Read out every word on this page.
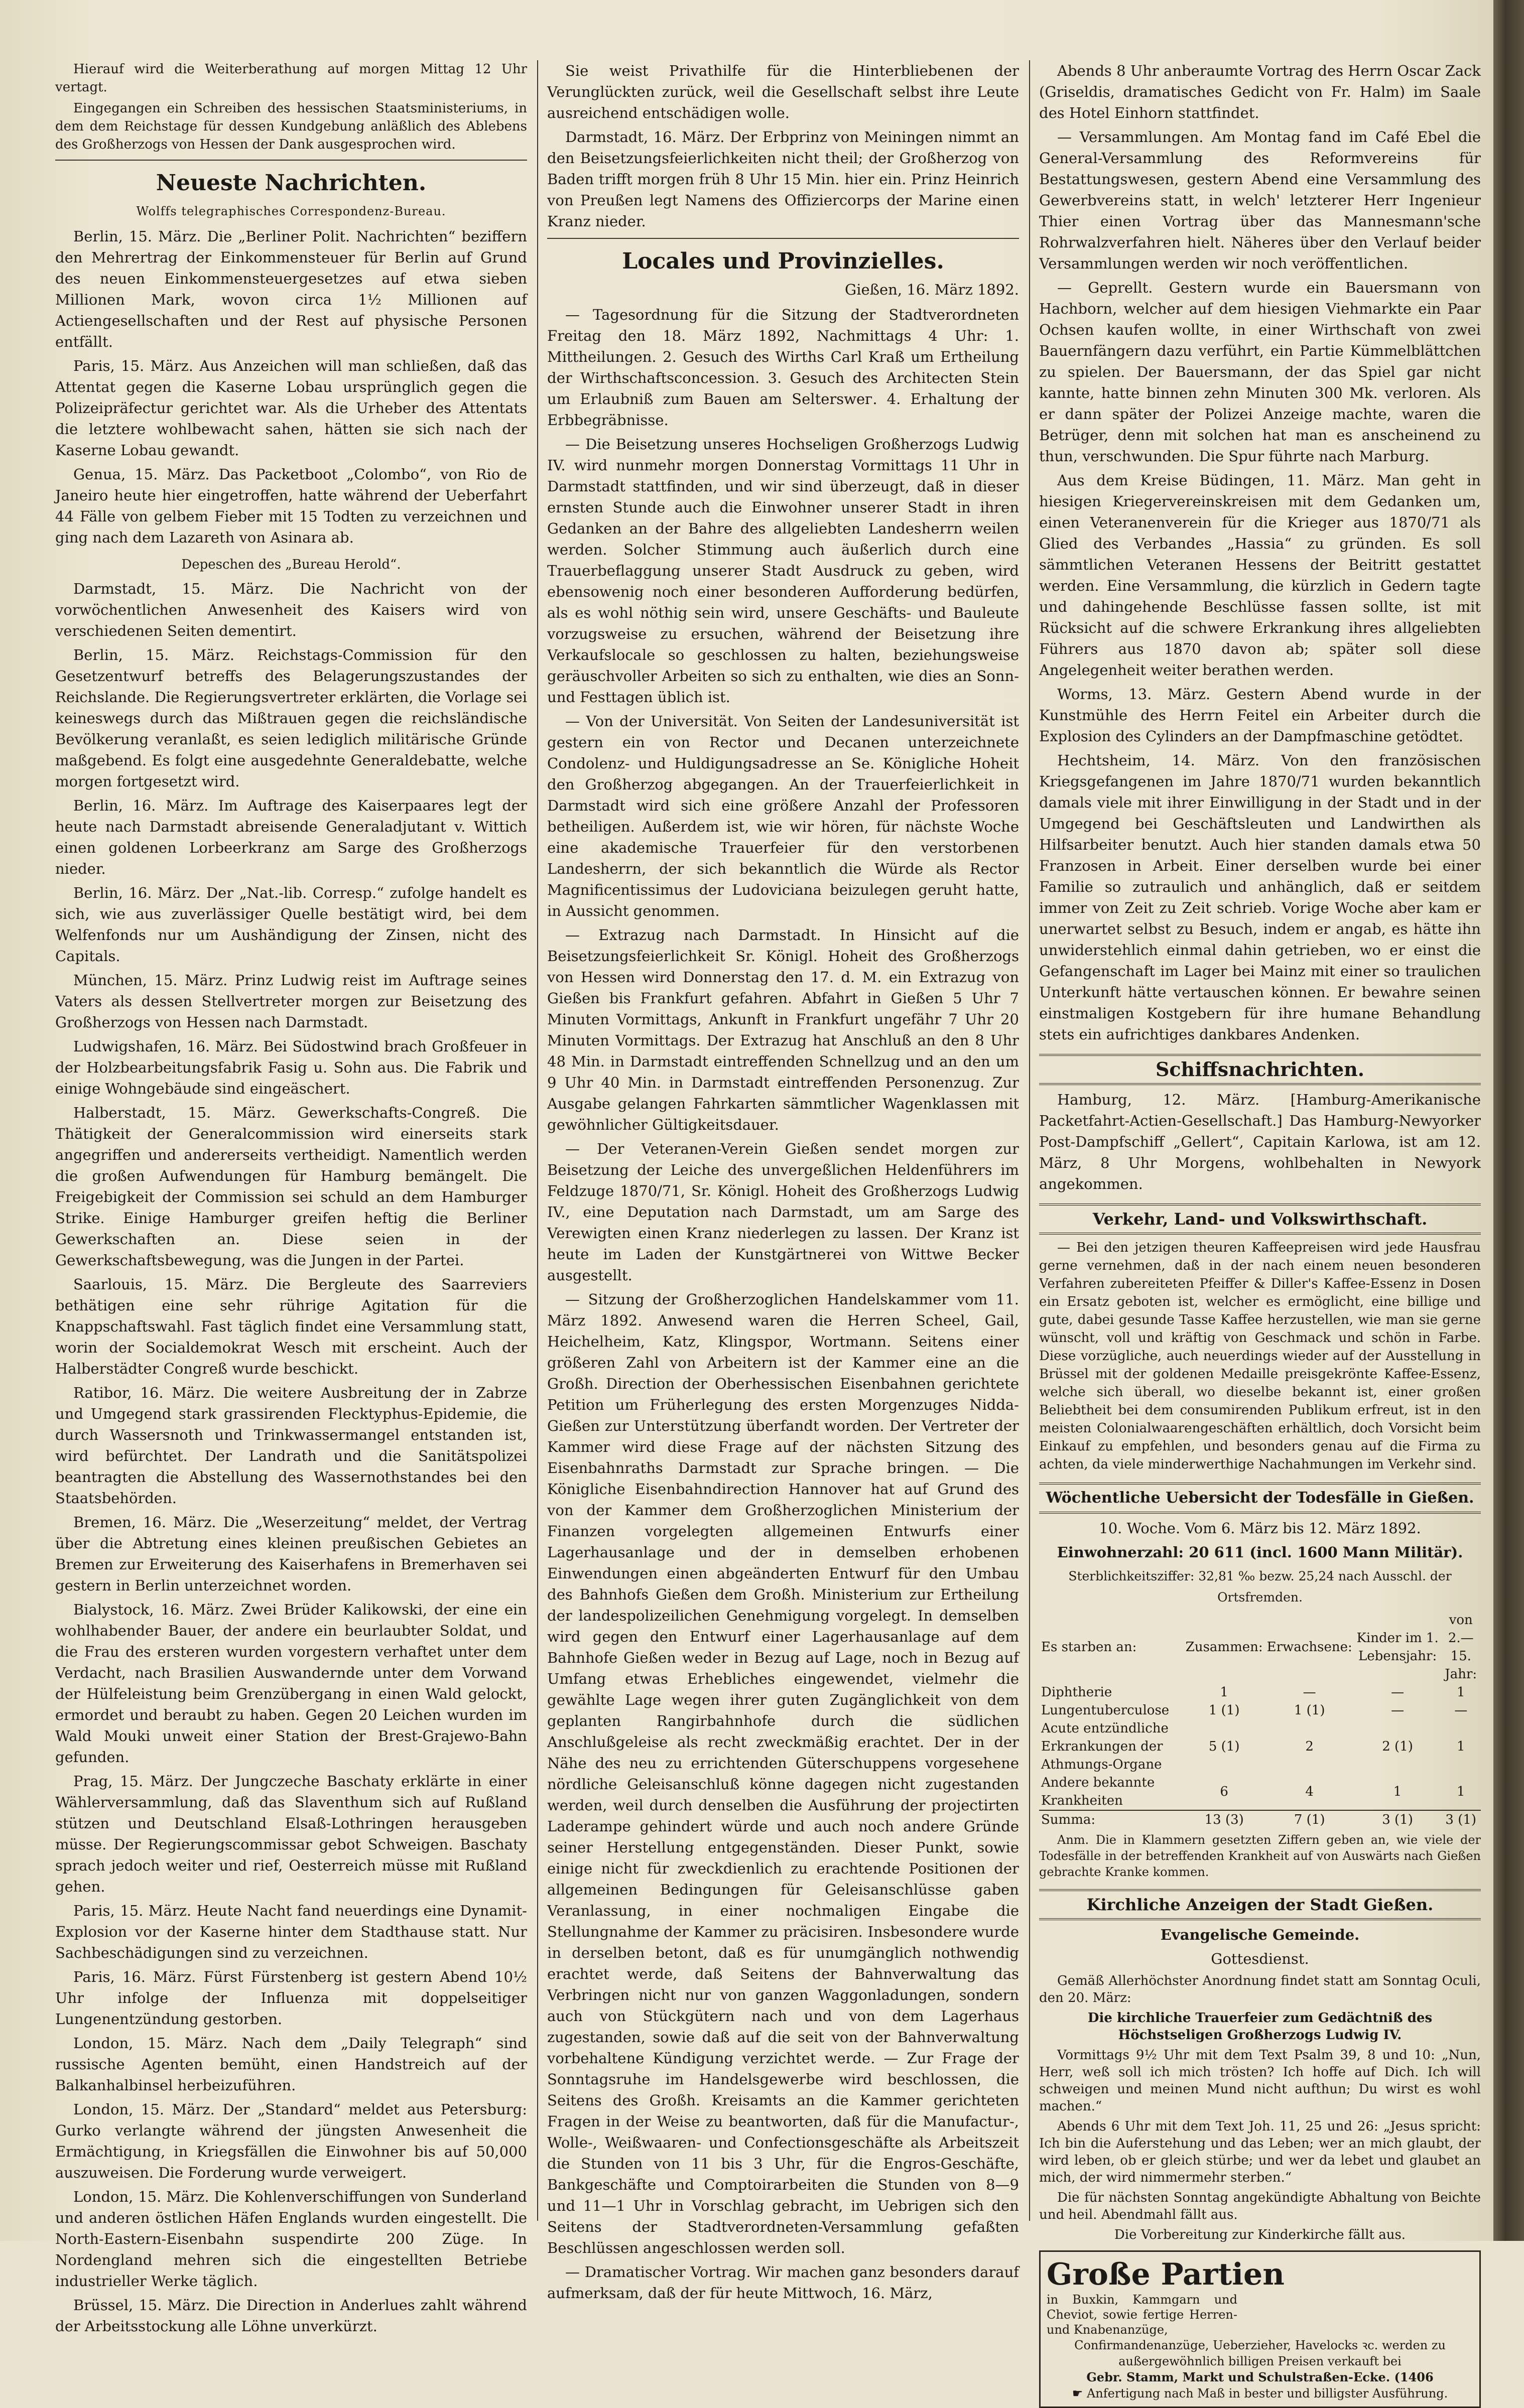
Hierauf wird die Weiterberathung auf morgen Mittag 12 Uhr vertagt.

Eingegangen ein Schreiben des hessischen Staatsministeriums, in dem dem Reichstage für dessen Kundgebung anläßlich des Ablebens des Großherzogs von Hessen der Dank ausgesprochen wird.

Neueste Nachrichten.
Wolffs telegraphisches Correspondenz-Bureau.

Berlin, 15. März. Die „Berliner Polit. Nachrichten“ beziffern den Mehrertrag der Einkommensteuer für Berlin auf Grund des neuen Einkommensteuergesetzes auf etwa sieben Millionen Mark, wovon circa 1½ Millionen auf Actiengesellschaften und der Rest auf physische Personen entfällt.

Paris, 15. März. Aus Anzeichen will man schließen, daß das Attentat gegen die Kaserne Lobau ursprünglich gegen die Polizeipräfectur gerichtet war. Als die Urheber des Attentats die letztere wohlbewacht sahen, hätten sie sich nach der Kaserne Lobau gewandt.

Genua, 15. März. Das Packetboot „Colombo“, von Rio de Janeiro heute hier eingetroffen, hatte während der Ueberfahrt 44 Fälle von gelbem Fieber mit 15 Todten zu verzeichnen und ging nach dem Lazareth von Asinara ab.

Depeschen des „Bureau Herold“.

Darmstadt, 15. März. Die Nachricht von der vorwöchentlichen Anwesenheit des Kaisers wird von verschiedenen Seiten dementirt.

Berlin, 15. März. Reichstags-Commission für den Gesetzentwurf betreffs des Belagerungszustandes der Reichslande. Die Regierungsvertreter erklärten, die Vorlage sei keineswegs durch das Mißtrauen gegen die reichsländische Bevölkerung veranlaßt, es seien lediglich militärische Gründe maßgebend. Es folgt eine ausgedehnte Generaldebatte, welche morgen fortgesetzt wird.

Berlin, 16. März. Im Auftrage des Kaiserpaares legt der heute nach Darmstadt abreisende Generaladjutant v. Wittich einen goldenen Lorbeerkranz am Sarge des Großherzogs nieder.

Berlin, 16. März. Der „Nat.-lib. Corresp.“ zufolge handelt es sich, wie aus zuverlässiger Quelle bestätigt wird, bei dem Welfenfonds nur um Aushändigung der Zinsen, nicht des Capitals.

München, 15. März. Prinz Ludwig reist im Auftrage seines Vaters als dessen Stellvertreter morgen zur Beisetzung des Großherzogs von Hessen nach Darmstadt.

Ludwigshafen, 16. März. Bei Südostwind brach Großfeuer in der Holzbearbeitungsfabrik Fasig u. Sohn aus. Die Fabrik und einige Wohngebäude sind eingeäschert.

Halberstadt, 15. März. Gewerkschafts-Congreß. Die Thätigkeit der Generalcommission wird einerseits stark angegriffen und andererseits vertheidigt. Namentlich werden die großen Aufwendungen für Hamburg bemängelt. Die Freigebigkeit der Commission sei schuld an dem Hamburger Strike. Einige Hamburger greifen heftig die Berliner Gewerkschaften an. Diese seien in der Gewerkschaftsbewegung, was die Jungen in der Partei.

Saarlouis, 15. März. Die Bergleute des Saarreviers bethätigen eine sehr rührige Agitation für die Knappschaftswahl. Fast täglich findet eine Versammlung statt, worin der Socialdemokrat Wesch mit erscheint. Auch der Halberstädter Congreß wurde beschickt.

Ratibor, 16. März. Die weitere Ausbreitung der in Zabrze und Umgegend stark grassirenden Flecktyphus-Epidemie, die durch Wassersnoth und Trinkwassermangel entstanden ist, wird befürchtet. Der Landrath und die Sanitätspolizei beantragten die Abstellung des Wassernothstandes bei den Staatsbehörden.

Bremen, 16. März. Die „Weserzeitung“ meldet, der Vertrag über die Abtretung eines kleinen preußischen Gebietes an Bremen zur Erweiterung des Kaiserhafens in Bremerhaven sei gestern in Berlin unterzeichnet worden.

Bialystock, 16. März. Zwei Brüder Kalikowski, der eine ein wohlhabender Bauer, der andere ein beurlaubter Soldat, und die Frau des ersteren wurden vorgestern verhaftet unter dem Verdacht, nach Brasilien Auswandernde unter dem Vorwand der Hülfeleistung beim Grenzübergang in einen Wald gelockt, ermordet und beraubt zu haben. Gegen 20 Leichen wurden im Wald Mouki unweit einer Station der Brest-Grajewo-Bahn gefunden.

Prag, 15. März. Der Jungczeche Baschaty erklärte in einer Wählerversammlung, daß das Slaventhum sich auf Rußland stützen und Deutschland Elsaß-Lothringen herausgeben müsse. Der Regierungscommissar gebot Schweigen. Baschaty sprach jedoch weiter und rief, Oesterreich müsse mit Rußland gehen.

Paris, 15. März. Heute Nacht fand neuerdings eine Dynamit-Explosion vor der Kaserne hinter dem Stadthause statt. Nur Sachbeschädigungen sind zu verzeichnen.

Paris, 16. März. Fürst Fürstenberg ist gestern Abend 10½ Uhr infolge der Influenza mit doppelseitiger Lungenentzündung gestorben.

London, 15. März. Nach dem „Daily Telegraph“ sind russische Agenten bemüht, einen Handstreich auf der Balkanhalbinsel herbeizuführen.

London, 15. März. Der „Standard“ meldet aus Petersburg: Gurko verlangte während der jüngsten Anwesenheit die Ermächtigung, in Kriegsfällen die Einwohner bis auf 50,000 auszuweisen. Die Forderung wurde verweigert.

London, 15. März. Die Kohlenverschiffungen von Sunderland und anderen östlichen Häfen Englands wurden eingestellt. Die North-Eastern-Eisenbahn suspendirte 200 Züge. In Nordengland mehren sich die eingestellten Betriebe industrieller Werke täglich.

Brüssel, 15. März. Die Direction in Anderlues zahlt während der Arbeitsstockung alle Löhne unverkürzt.

Sie weist Privathilfe für die Hinterbliebenen der Verunglückten zurück, weil die Gesellschaft selbst ihre Leute ausreichend entschädigen wolle.

Darmstadt, 16. März. Der Erbprinz von Meiningen nimmt an den Beisetzungsfeierlichkeiten nicht theil; der Großherzog von Baden trifft morgen früh 8 Uhr 15 Min. hier ein. Prinz Heinrich von Preußen legt Namens des Offiziercorps der Marine einen Kranz nieder.

Locales und Provinzielles.
Gießen, 16. März 1892.

— Tagesordnung für die Sitzung der Stadtverordneten Freitag den 18. März 1892, Nachmittags 4 Uhr: 1. Mittheilungen. 2. Gesuch des Wirths Carl Kraß um Ertheilung der Wirthschaftsconcession. 3. Gesuch des Architecten Stein um Erlaubniß zum Bauen am Selterswег. 4. Erhaltung der Erbbegräbnisse.

— Die Beisetzung unseres Hochseligen Großherzogs Ludwig IV. wird nunmehr morgen Donnerstag Vormittags 11 Uhr in Darmstadt stattfinden, und wir sind überzeugt, daß in dieser ernsten Stunde auch die Einwohner unserer Stadt in ihren Gedanken an der Bahre des allgeliebten Landesherrn weilen werden. Solcher Stimmung auch äußerlich durch eine Trauerbeflaggung unserer Stadt Ausdruck zu geben, wird ebensowenig noch einer besonderen Aufforderung bedürfen, als es wohl nöthig sein wird, unsere Geschäfts- und Bauleute vorzugsweise zu ersuchen, während der Beisetzung ihre Verkaufslocale so geschlossen zu halten, beziehungsweise geräuschvoller Arbeiten so sich zu enthalten, wie dies an Sonn- und Festtagen üblich ist.

— Von der Universität. Von Seiten der Landesuniversität ist gestern ein von Rector und Decanen unterzeichnete Condolenz- und Huldigungsadresse an Se. Königliche Hoheit den Großherzog abgegangen. An der Trauerfeierlichkeit in Darmstadt wird sich eine größere Anzahl der Professoren betheiligen. Außerdem ist, wie wir hören, für nächste Woche eine akademische Trauerfeier für den verstorbenen Landesherrn, der sich bekanntlich die Würde als Rector Magnificentissimus der Ludoviciana beizulegen geruht hatte, in Aussicht genommen.

— Extrazug nach Darmstadt. In Hinsicht auf die Beisetzungsfeierlichkeit Sr. Königl. Hoheit des Großherzogs von Hessen wird Donnerstag den 17. d. M. ein Extrazug von Gießen bis Frankfurt gefahren. Abfahrt in Gießen 5 Uhr 7 Minuten Vormittags, Ankunft in Frankfurt ungefähr 7 Uhr 20 Minuten Vormittags. Der Extrazug hat Anschluß an den 8 Uhr 48 Min. in Darmstadt eintreffenden Schnellzug und an den um 9 Uhr 40 Min. in Darmstadt eintreffenden Personenzug. Zur Ausgabe gelangen Fahrkarten sämmtlicher Wagenklassen mit gewöhnlicher Gültigkeitsdauer.

— Der Veteranen-Verein Gießen sendet morgen zur Beisetzung der Leiche des unvergeßlichen Heldenführers im Feldzuge 1870/71, Sr. Königl. Hoheit des Großherzogs Ludwig IV., eine Deputation nach Darmstadt, um am Sarge des Verewigten einen Kranz niederlegen zu lassen. Der Kranz ist heute im Laden der Kunstgärtnerei von Wittwe Becker ausgestellt.

— Sitzung der Großherzoglichen Handelskammer vom 11. März 1892. Anwesend waren die Herren Scheel, Gail, Heichelheim, Katz, Klingspor, Wortmann. Seitens einer größeren Zahl von Arbeitern ist der Kammer eine an die Großh. Direction der Oberhessischen Eisenbahnen gerichtete Petition um Früherlegung des ersten Morgenzuges Nidda-Gießen zur Unterstützung überfandt worden. Der Vertreter der Kammer wird diese Frage auf der nächsten Sitzung des Eisenbahnraths Darmstadt zur Sprache bringen. — Die Königliche Eisenbahndirection Hannover hat auf Grund des von der Kammer dem Großherzoglichen Ministerium der Finanzen vorgelegten allgemeinen Entwurfs einer Lagerhausanlage und der in demselben erhobenen Einwendungen einen abgeänderten Entwurf für den Umbau des Bahnhofs Gießen dem Großh. Ministerium zur Ertheilung der landespolizeilichen Genehmigung vorgelegt. In demselben wird gegen den Entwurf einer Lagerhausanlage auf dem Bahnhofe Gießen weder in Bezug auf Lage, noch in Bezug auf Umfang etwas Erhebliches eingewendet, vielmehr die gewählte Lage wegen ihrer guten Zugänglichkeit von dem geplanten Rangirbahnhofe durch die südlichen Anschlußgeleise als recht zweckmäßig erachtet. Der in der Nähe des neu zu errichtenden Güterschuppens vorgesehene nördliche Geleisanschluß könne dagegen nicht zugestanden werden, weil durch denselben die Ausführung der projectirten Laderampe gehindert würde und auch noch andere Gründe seiner Herstellung entgegenständen. Dieser Punkt, sowie einige nicht für zweckdienlich zu erachtende Positionen der allgemeinen Bedingungen für Geleisanschlüsse gaben Veranlassung, in einer nochmaligen Eingabe die Stellungnahme der Kammer zu präcisiren. Insbesondere wurde in derselben betont, daß es für unumgänglich nothwendig erachtet werde, daß Seitens der Bahnverwaltung das Verbringen nicht nur von ganzen Waggonladungen, sondern auch von Stückgütern nach und von dem Lagerhaus zugestanden, sowie daß auf die seit von der Bahnverwaltung vorbehaltene Kündigung verzichtet werde. — Zur Frage der Sonntagsruhe im Handelsgewerbe wird beschlossen, die Seitens des Großh. Kreisamts an die Kammer gerichteten Fragen in der Weise zu beantworten, daß für die Manufactur-, Wolle-, Weißwaaren- und Confectionsgeschäfte als Arbeitszeit die Stunden von 11 bis 3 Uhr, für die Engros-Geschäfte, Bankgeschäfte und Comptoirarbeiten die Stunden von 8—9 und 11—1 Uhr in Vorschlag gebracht, im Uebrigen sich den Seitens der Stadtverordneten-Versammlung gefaßten Beschlüssen angeschlossen werden soll.

— Dramatischer Vortrag. Wir machen ganz besonders darauf aufmerksam, daß der für heute Mittwoch, 16. März,

Abends 8 Uhr anberaumte Vortrag des Herrn Oscar Zack (Griseldis, dramatisches Gedicht von Fr. Halm) im Saale des Hotel Einhorn stattfindet.

— Versammlungen. Am Montag fand im Café Ebel die General-Versammlung des Reformvereins für Bestattungswesen, gestern Abend eine Versammlung des Gewerbvereins statt, in welch' letzterer Herr Ingenieur Thier einen Vortrag über das Mannesmann'sche Rohrwalzverfahren hielt. Näheres über den Verlauf beider Versammlungen werden wir noch veröffentlichen.

— Geprellt. Gestern wurde ein Bauersmann von Hachborn, welcher auf dem hiesigen Viehmarkte ein Paar Ochsen kaufen wollte, in einer Wirthschaft von zwei Bauernfängern dazu verführt, ein Partie Kümmelblättchen zu spielen. Der Bauersmann, der das Spiel gar nicht kannte, hatte binnen zehn Minuten 300 Mk. verloren. Als er dann später der Polizei Anzeige machte, waren die Betrüger, denn mit solchen hat man es anscheinend zu thun, verschwunden. Die Spur führte nach Marburg.

Aus dem Kreise Büdingen, 11. März. Man geht in hiesigen Kriegervereinskreisen mit dem Gedanken um, einen Veteranenverein für die Krieger aus 1870/71 als Glied des Verbandes „Hassia“ zu gründen. Es soll sämmtlichen Veteranen Hessens der Beitritt gestattet werden. Eine Versammlung, die kürzlich in Gedern tagte und dahingehende Beschlüsse fassen sollte, ist mit Rücksicht auf die schwere Erkrankung ihres allgeliebten Führers aus 1870 davon ab; später soll diese Angelegenheit weiter berathen werden.

Worms, 13. März. Gestern Abend wurde in der Kunstmühle des Herrn Feitel ein Arbeiter durch die Explosion des Cylinders an der Dampfmaschine getödtet.

Hechtsheim, 14. März. Von den französischen Kriegsgefangenen im Jahre 1870/71 wurden bekanntlich damals viele mit ihrer Einwilligung in der Stadt und in der Umgegend bei Geschäftsleuten und Landwirthen als Hilfsarbeiter benutzt. Auch hier standen damals etwa 50 Franzosen in Arbeit. Einer derselben wurde bei einer Familie so zutraulich und anhänglich, daß er seitdem immer von Zeit zu Zeit schrieb. Vorige Woche aber kam er unerwartet selbst zu Besuch, indem er angab, es hätte ihn unwiderstehlich einmal dahin getrieben, wo er einst die Gefangenschaft im Lager bei Mainz mit einer so traulichen Unterkunft hätte vertauschen können. Er bewahre seinen einstmaligen Kostgebern für ihre humane Behandlung stets ein aufrichtiges dankbares Andenken.

Schiffsnachrichten.

Hamburg, 12. März. [Hamburg-Amerikanische Packetfahrt-Actien-Gesellschaft.] Das Hamburg-Newyorker Post-Dampfschiff „Gellert“, Capitain Karlowa, ist am 12. März, 8 Uhr Morgens, wohlbehalten in Newyork angekommen.

Verkehr, Land- und Volkswirthschaft.

— Bei den jetzigen theuren Kaffeepreisen wird jede Hausfrau gerne vernehmen, daß in der nach einem neuen besonderen Verfahren zubereiteten Pfeiffer & Diller's Kaffee-Essenz in Dosen ein Ersatz geboten ist, welcher es ermöglicht, eine billige und gute, dabei gesunde Tasse Kaffee herzustellen, wie man sie gerne wünscht, voll und kräftig von Geschmack und schön in Farbe. Diese vorzügliche, auch neuerdings wieder auf der Ausstellung in Brüssel mit der goldenen Medaille preisgekrönte Kaffee-Essenz, welche sich überall, wo dieselbe bekannt ist, einer großen Beliebtheit bei dem consumirenden Publikum erfreut, ist in den meisten Colonialwaarengeschäften erhältlich, doch Vorsicht beim Einkauf zu empfehlen, und besonders genau auf die Firma zu achten, da viele minderwerthige Nachahmungen im Verkehr sind.

Wöchentliche Uebersicht der Todesfälle in Gießen.

10. Woche. Vom 6. März bis 12. März 1892.

Einwohnerzahl: 20 611 (incl. 1600 Mann Militär).

Sterblichkeitsziffer: 32,81 ‰ bezw. 25,24 nach Ausschl. der Ortsfremden.

Es starben an:	Zusammen:	Erwachsene:	Kinder im 1. Lebensjahr:	von 2.—15. Jahr:
Diphtherie	1	—	—	1
Lungentuberculose	1 (1)	1 (1)	—	—
Acute entzündliche Erkrankungen der Athmungs-Organe	5 (1)	2	2 (1)	1
Andere bekannte Krankheiten	6	4	1	1
Summa:	13 (3)	7 (1)	3 (1)	3 (1)

Anm. Die in Klammern gesetzten Ziffern geben an, wie viele der Todesfälle in der betreffenden Krankheit auf von Auswärts nach Gießen gebrachte Kranke kommen.

Kirchliche Anzeigen der Stadt Gießen.

Evangelische Gemeinde.

Gottesdienst.

Gemäß Allerhöchster Anordnung findet statt am Sonntag Oculi, den 20. März:

Die kirchliche Trauerfeier zum Gedächtniß des Höchstseligen Großherzogs Ludwig IV.

Vormittags 9½ Uhr mit dem Text Psalm 39, 8 und 10: „Nun, Herr, weß soll ich mich trösten? Ich hoffe auf Dich. Ich will schweigen und meinen Mund nicht aufthun; Du wirst es wohl machen.“

Abends 6 Uhr mit dem Text Joh. 11, 25 und 26: „Jesus spricht: Ich bin die Auferstehung und das Leben; wer an mich glaubt, der wird leben, ob er gleich stürbe; und wer da lebet und glaubet an mich, der wird nimmermehr sterben.“

Die für nächsten Sonntag angekündigte Abhaltung von Beichte und heil. Abendmahl fällt aus.

Die Vorbereitung zur Kinderkirche fällt aus.

Große Partien in Buxkin, Kammgarn und Cheviot, sowie fertige Herren- und Knabenanzüge,
Confirmandenanzüge, Ueberzieher, Havelocks ꝛc. werden zu außergewöhnlich billigen Preisen verkauft bei
Gebr. Stamm, Markt und Schulstraßen-Ecke. (1406
☛ Anfertigung nach Maß in bester und billigster Ausführung.
